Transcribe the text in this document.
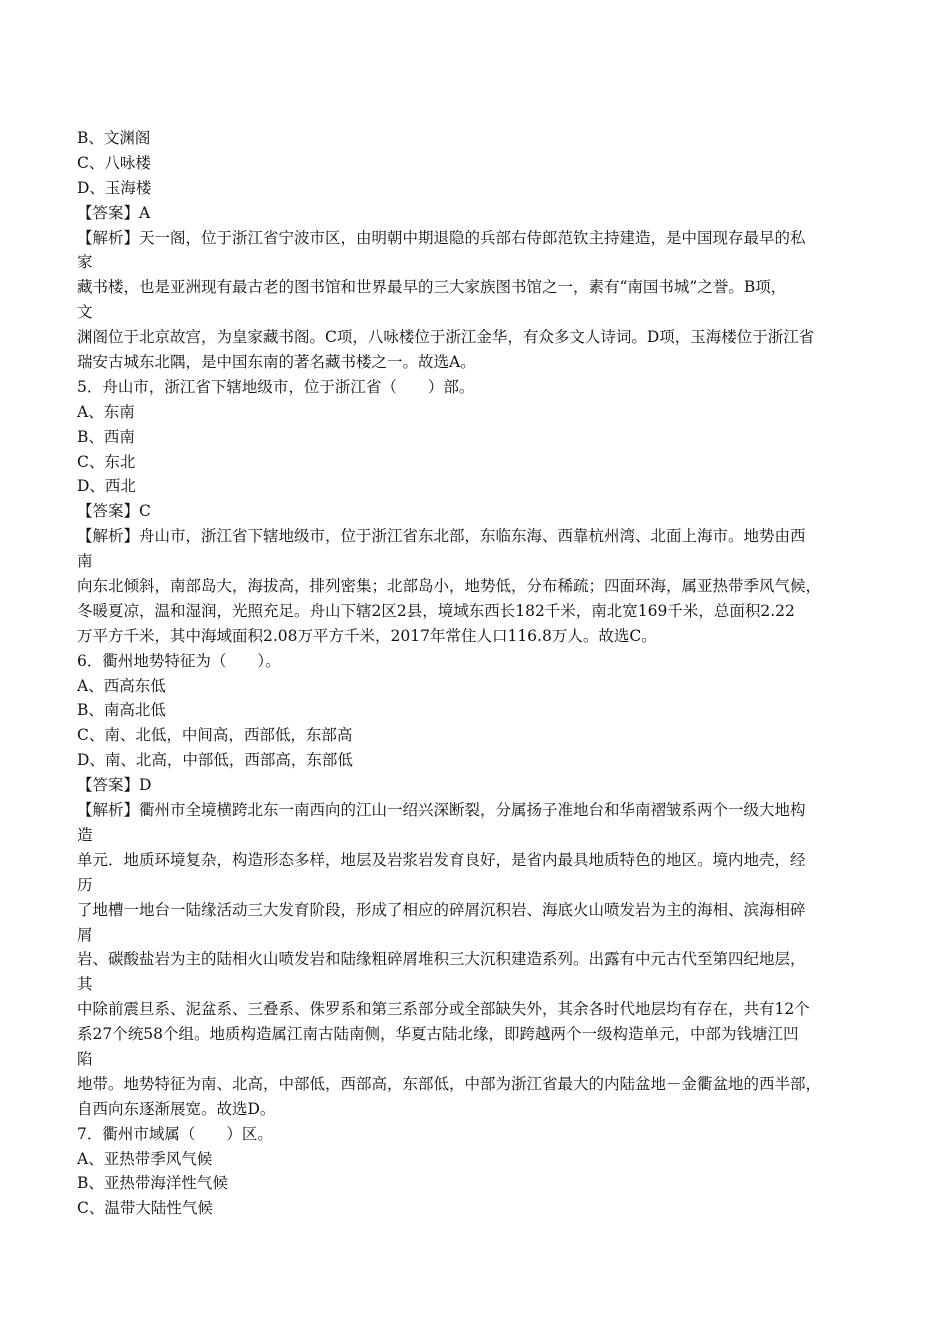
B、文渊阁
C、八咏楼
D、玉海楼
【答案】A
【解析】天一阁，位于浙江省宁波市区，由明朝中期退隐的兵部右侍郎范钦主持建造，是中国现存最早的私
家
藏书楼，也是亚洲现有最古老的图书馆和世界最早的三大家族图书馆之一，素有“南国书城”之誉。B项，
文
渊阁位于北京故宫，为皇家藏书阁。C项，八咏楼位于浙江金华，有众多文人诗词。D项，玉海楼位于浙江省
瑞安古城东北隅，是中国东南的著名藏书楼之一。故选A。
5．舟山市，浙江省下辖地级市，位于浙江省（　　）部。
A、东南
B、西南
C、东北
D、西北
【答案】C
【解析】舟山市，浙江省下辖地级市，位于浙江省东北部，东临东海、西靠杭州湾、北面上海市。地势由西
南
向东北倾斜，南部岛大，海拔高，排列密集；北部岛小，地势低，分布稀疏；四面环海，属亚热带季风气候，
冬暖夏凉，温和湿润，光照充足。舟山下辖2区2县，境域东西长182千米，南北宽169千米，总面积2.22
万平方千米，其中海域面积2.08万平方千米，2017年常住人口116.8万人。故选C。
6．衢州地势特征为（　　）。
A、西高东低
B、南高北低
C、南、北低，中间高，西部低，东部高
D、南、北高，中部低，西部高，东部低
【答案】D
【解析】衢州市全境横跨北东一南西向的江山一绍兴深断裂，分属扬子准地台和华南褶皱系两个一级大地构
造
单元．地质环境复杂，构造形态多样，地层及岩浆岩发育良好，是省内最具地质特色的地区。境内地壳，经
历
了地槽一地台一陆缘活动三大发育阶段，形成了相应的碎屑沉积岩、海底火山喷发岩为主的海相、滨海相碎
屑
岩、碳酸盐岩为主的陆相火山喷发岩和陆缘粗碎屑堆积三大沉积建造系列。出露有中元古代至第四纪地层，
其
中除前震旦系、泥盆系、三叠系、侏罗系和第三系部分或全部缺失外，其余各时代地层均有存在，共有12个
系27个统58个组。地质构造属江南古陆南侧，华夏古陆北缘，即跨越两个一级构造单元，中部为钱塘江凹
陷
地带。地势特征为南、北高，中部低，西部高，东部低，中部为浙江省最大的内陆盆地－金衢盆地的西半部，
自西向东逐渐展宽。故选D。
7．衢州市域属（　　）区。
A、亚热带季风气候
B、亚热带海洋性气候
C、温带大陆性气候
